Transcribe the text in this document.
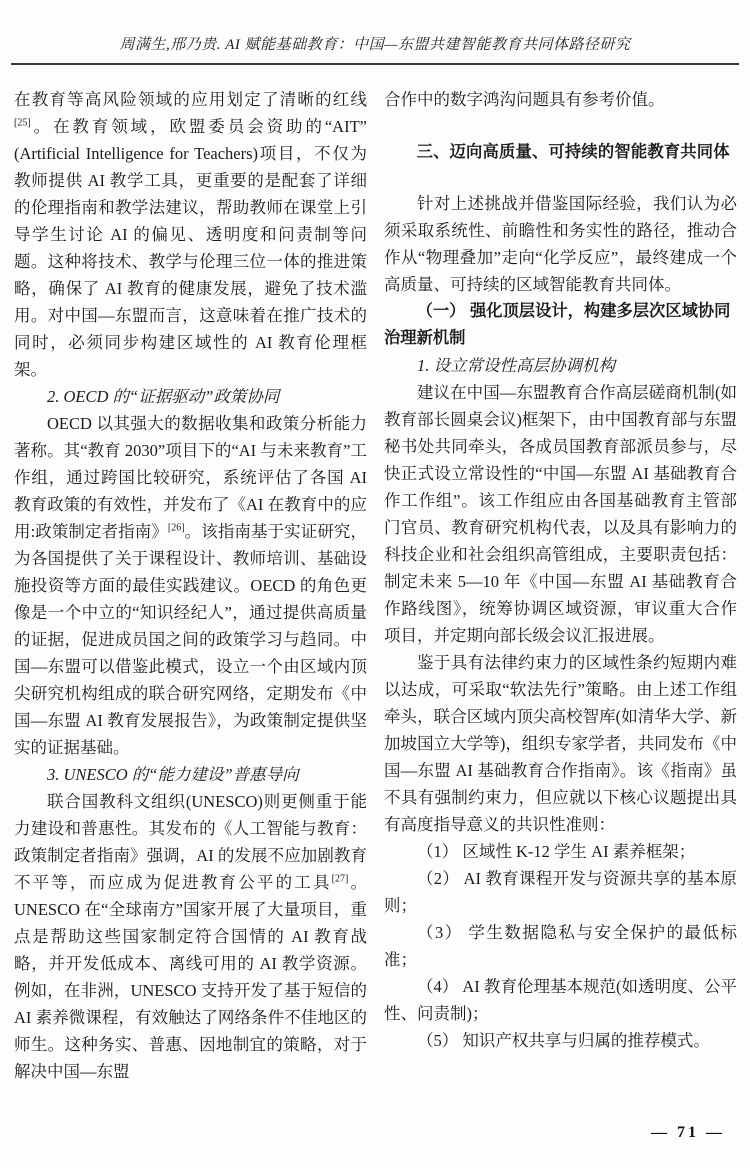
周满生,邢乃贵. AI 赋能基础教育：中国—东盟共建智能教育共同体路径研究

在教育等高风险领域的应用划定了清晰的红线[25]。在教育领域，欧盟委员会资助的“AIT”(Artificial Intelligence for Teachers)项目，不仅为教师提供 AI 教学工具，更重要的是配套了详细的伦理指南和教学法建议，帮助教师在课堂上引导学生讨论 AI 的偏见、透明度和问责制等问题。这种将技术、教学与伦理三位一体的推进策略，确保了 AI 教育的健康发展，避免了技术滥用。对中国—东盟而言，这意味着在推广技术的同时，必须同步构建区域性的 AI 教育伦理框架。

2. OECD 的“证据驱动”政策协同

OECD 以其强大的数据收集和政策分析能力著称。其“教育 2030”项目下的“AI 与未来教育”工作组，通过跨国比较研究，系统评估了各国 AI 教育政策的有效性，并发布了《AI 在教育中的应用:政策制定者指南》[26]。该指南基于实证研究，为各国提供了关于课程设计、教师培训、基础设施投资等方面的最佳实践建议。OECD 的角色更像是一个中立的“知识经纪人”，通过提供高质量的证据，促进成员国之间的政策学习与趋同。中国—东盟可以借鉴此模式，设立一个由区域内顶尖研究机构组成的联合研究网络，定期发布《中国—东盟 AI 教育发展报告》，为政策制定提供坚实的证据基础。

3. UNESCO 的“能力建设”普惠导向

联合国教科文组织(UNESCO)则更侧重于能力建设和普惠性。其发布的《人工智能与教育：政策制定者指南》强调，AI 的发展不应加剧教育不平等，而应成为促进教育公平的工具[27]。UNESCO 在“全球南方”国家开展了大量项目，重点是帮助这些国家制定符合国情的 AI 教育战略，并开发低成本、离线可用的 AI 教学资源。例如，在非洲，UNESCO 支持开发了基于短信的 AI 素养微课程，有效触达了网络条件不佳地区的师生。这种务实、普惠、因地制宜的策略，对于解决中国—东盟

合作中的数字鸿沟问题具有参考价值。

三、迈向高质量、可持续的智能教育共同体

针对上述挑战并借鉴国际经验，我们认为必须采取系统性、前瞻性和务实性的路径，推动合作从“物理叠加”走向“化学反应”，最终建成一个高质量、可持续的区域智能教育共同体。

（一） 强化顶层设计，构建多层次区域协同治理新机制

1. 设立常设性高层协调机构

建议在中国—东盟教育合作高层磋商机制(如教育部长圆桌会议)框架下，由中国教育部与东盟秘书处共同牵头，各成员国教育部派员参与，尽快正式设立常设性的“中国—东盟 AI 基础教育合作工作组”。该工作组应由各国基础教育主管部门官员、教育研究机构代表，以及具有影响力的科技企业和社会组织高管组成，主要职责包括：制定未来 5—10 年《中国—东盟 AI 基础教育合作路线图》，统筹协调区域资源，审议重大合作项目，并定期向部长级会议汇报进展。

鉴于具有法律约束力的区域性条约短期内难以达成，可采取“软法先行”策略。由上述工作组牵头，联合区域内顶尖高校智库(如清华大学、新加坡国立大学等)，组织专家学者，共同发布《中国—东盟 AI 基础教育合作指南》。该《指南》虽不具有强制约束力，但应就以下核心议题提出具有高度指导意义的共识性准则：

（1） 区域性 K-12 学生 AI 素养框架；

（2） AI 教育课程开发与资源共享的基本原则；

（3） 学生数据隐私与安全保护的最低标准；

（4） AI 教育伦理基本规范(如透明度、公平性、问责制)；

（5） 知识产权共享与归属的推荐模式。

— 71 —
